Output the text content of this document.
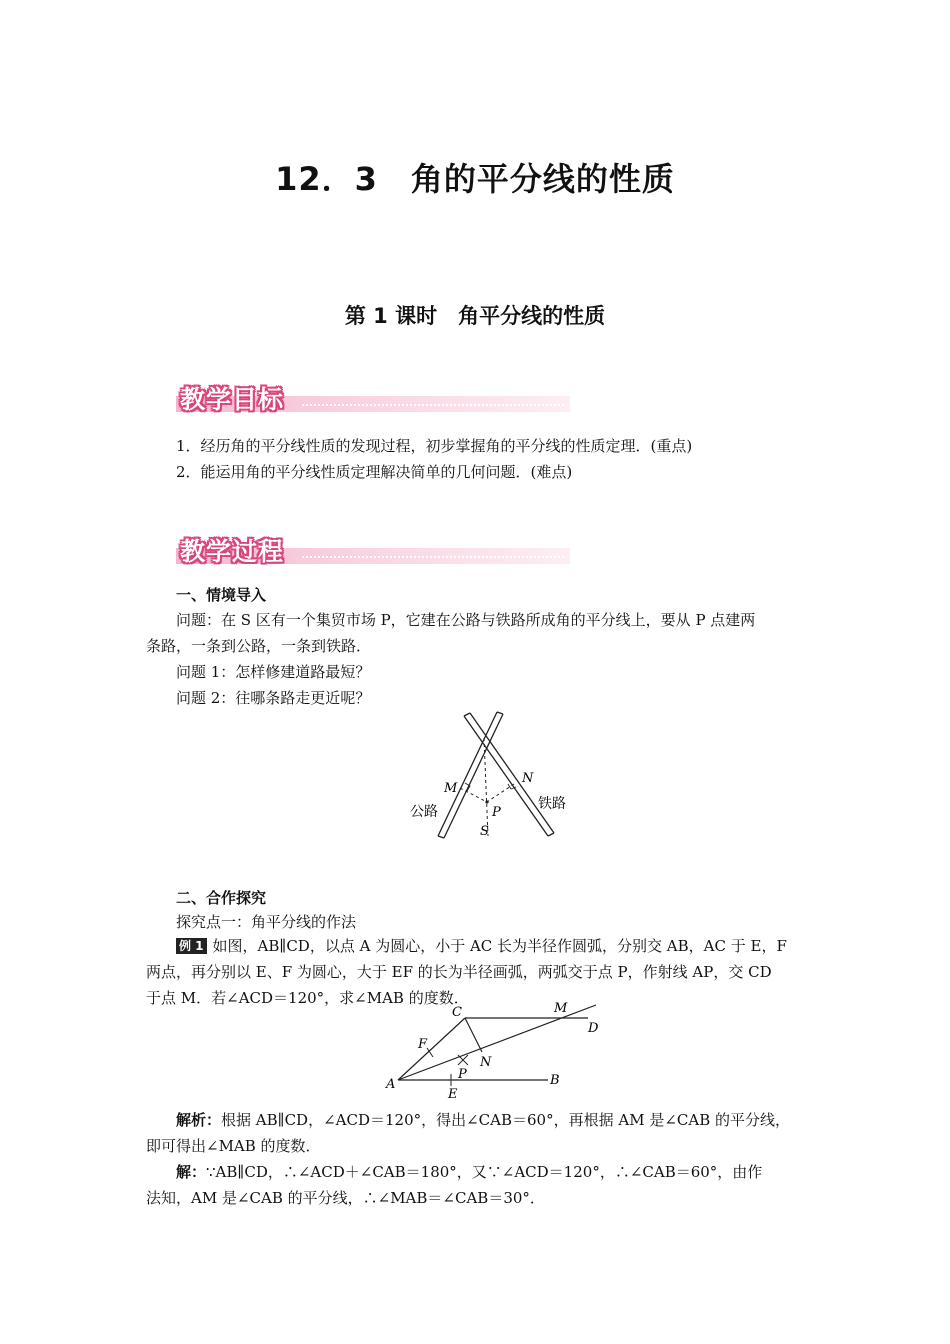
12．3　角的平分线的性质
第 1 课时　角平分线的性质
教学目标
1．经历角的平分线性质的发现过程，初步掌握角的平分线的性质定理．(重点)
2．能运用角的平分线性质定理解决简单的几何问题．(难点)
教学过程
一、情境导入
问题：在 S 区有一个集贸市场 P，它建在公路与铁路所成角的平分线上，要从 P 点建两
条路，一条到公路，一条到铁路．
问题 1：怎样修建道路最短？
问题 2：往哪条路走更近呢？
M
N
P
S
公路	铁路
二、合作探究
探究点一：角平分线的作法
例 1 如图，AB∥CD，以点 A 为圆心，小于 AC 长为半径作圆弧，分别交 AB，AC 于 E，F
两点，再分别以 E、F 为圆心，大于 EF 的长为半径画弧，两弧交于点 P，作射线 AP，交 CD
于点 M．若∠ACD＝120°，求∠MAB 的度数．
A	B
C
D
E
F
M
N
P
解析：根据 AB∥CD，∠ACD＝120°，得出∠CAB＝60°，再根据 AM 是∠CAB 的平分线，
即可得出∠MAB 的度数．
解：∵AB∥CD，∴∠ACD＋∠CAB＝180°，又∵∠ACD＝120°，∴∠CAB＝60°，由作
法知，AM 是∠CAB 的平分线，∴∠MAB＝∠CAB＝30°．
